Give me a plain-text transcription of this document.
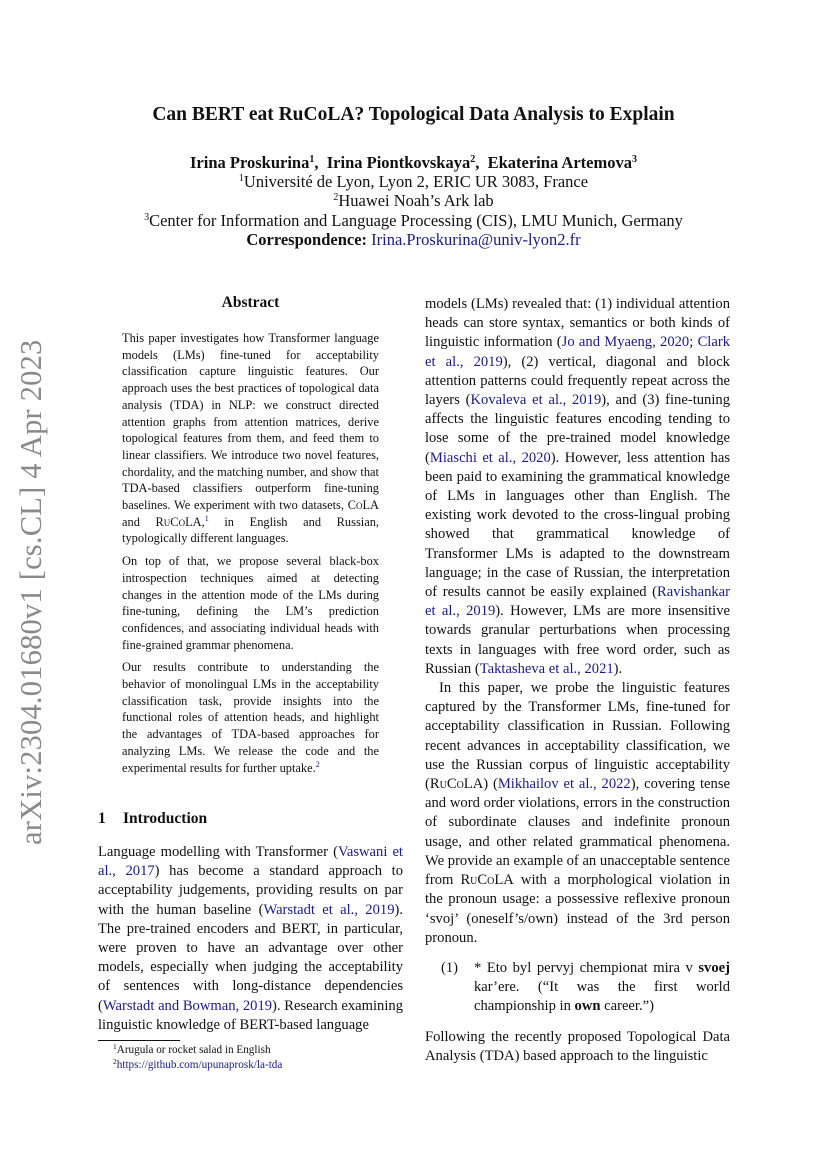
arXiv:2304.01680v1 [cs.CL] 4 Apr 2023
Can BERT eat RuCoLA? Topological Data Analysis to Explain
Irina Proskurina$^1$,  Irina Piontkovskaya$^2$,  Ekaterina Artemova$^3$
$^1$Université de Lyon, Lyon 2, ERIC UR 3083, France
$^2$Huawei Noah’s Ark lab
$^3$Center for Information and Language Processing (CIS), LMU Munich, Germany
Correspondence: Irina.Proskurina@univ-lyon2.fr
Abstract

This paper investigates how Transformer language models (LMs) fine-tuned for acceptability classification capture linguistic features. Our approach uses the best practices of topological data analysis (TDA) in NLP: we construct directed attention graphs from attention matrices, derive topological features from them, and feed them to linear classifiers. We introduce two novel features, chordality, and the matching number, and show that TDA-based classifiers outperform fine-tuning baselines. We experiment with two datasets, CoLA and RuCoLA,$^1$ in English and Russian, typologically different languages.

On top of that, we propose several black-box introspection techniques aimed at detecting changes in the attention mode of the LMs during fine-tuning, defining the LM’s prediction confidences, and associating individual heads with fine-grained grammar phenomena.

Our results contribute to understanding the behavior of monolingual LMs in the acceptability classification task, provide insights into the functional roles of attention heads, and highlight the advantages of TDA-based approaches for analyzing LMs. We release the code and the experimental results for further uptake.$^2$

1 Introduction

Language modelling with Transformer (Vaswani et al., 2017) has become a standard approach to acceptability judgements, providing results on par with the human baseline (Warstadt et al., 2019). The pre-trained encoders and BERT, in particular, were proven to have an advantage over other models, especially when judging the acceptability of sentences with long-distance dependencies (Warstadt and Bowman, 2019). Research examining linguistic knowledge of BERT-based language

$^1$Arugula or rocket salad in English
$^2$https://github.com/upunaprosk/la-tda

models (LMs) revealed that: (1) individual attention heads can store syntax, semantics or both kinds of linguistic information (Jo and Myaeng, 2020; Clark et al., 2019), (2) vertical, diagonal and block attention patterns could frequently repeat across the layers (Kovaleva et al., 2019), and (3) fine-tuning affects the linguistic features encoding tending to lose some of the pre-trained model knowledge (Miaschi et al., 2020). However, less attention has been paid to examining the grammatical knowledge of LMs in languages other than English. The existing work devoted to the cross-lingual probing showed that grammatical knowledge of Transformer LMs is adapted to the downstream language; in the case of Russian, the interpretation of results cannot be easily explained (Ravishankar et al., 2019). However, LMs are more insensitive towards granular perturbations when processing texts in languages with free word order, such as Russian (Taktasheva et al., 2021).

In this paper, we probe the linguistic features captured by the Transformer LMs, fine-tuned for acceptability classification in Russian. Following recent advances in acceptability classification, we use the Russian corpus of linguistic acceptability (RuCoLA) (Mikhailov et al., 2022), covering tense and word order violations, errors in the construction of subordinate clauses and indefinite pronoun usage, and other related grammatical phenomena. We provide an example of an unacceptable sentence from RuCoLA with a morphological violation in the pronoun usage: a possessive reflexive pronoun ‘svoj’ (oneself’s/own) instead of the 3rd person pronoun.

(1)	* Eto byl pervyj chempionat mira v svoej kar’ere. (“It was the first world championship in own career.”)

Following the recently proposed Topological Data Analysis (TDA) based approach to the linguistic
